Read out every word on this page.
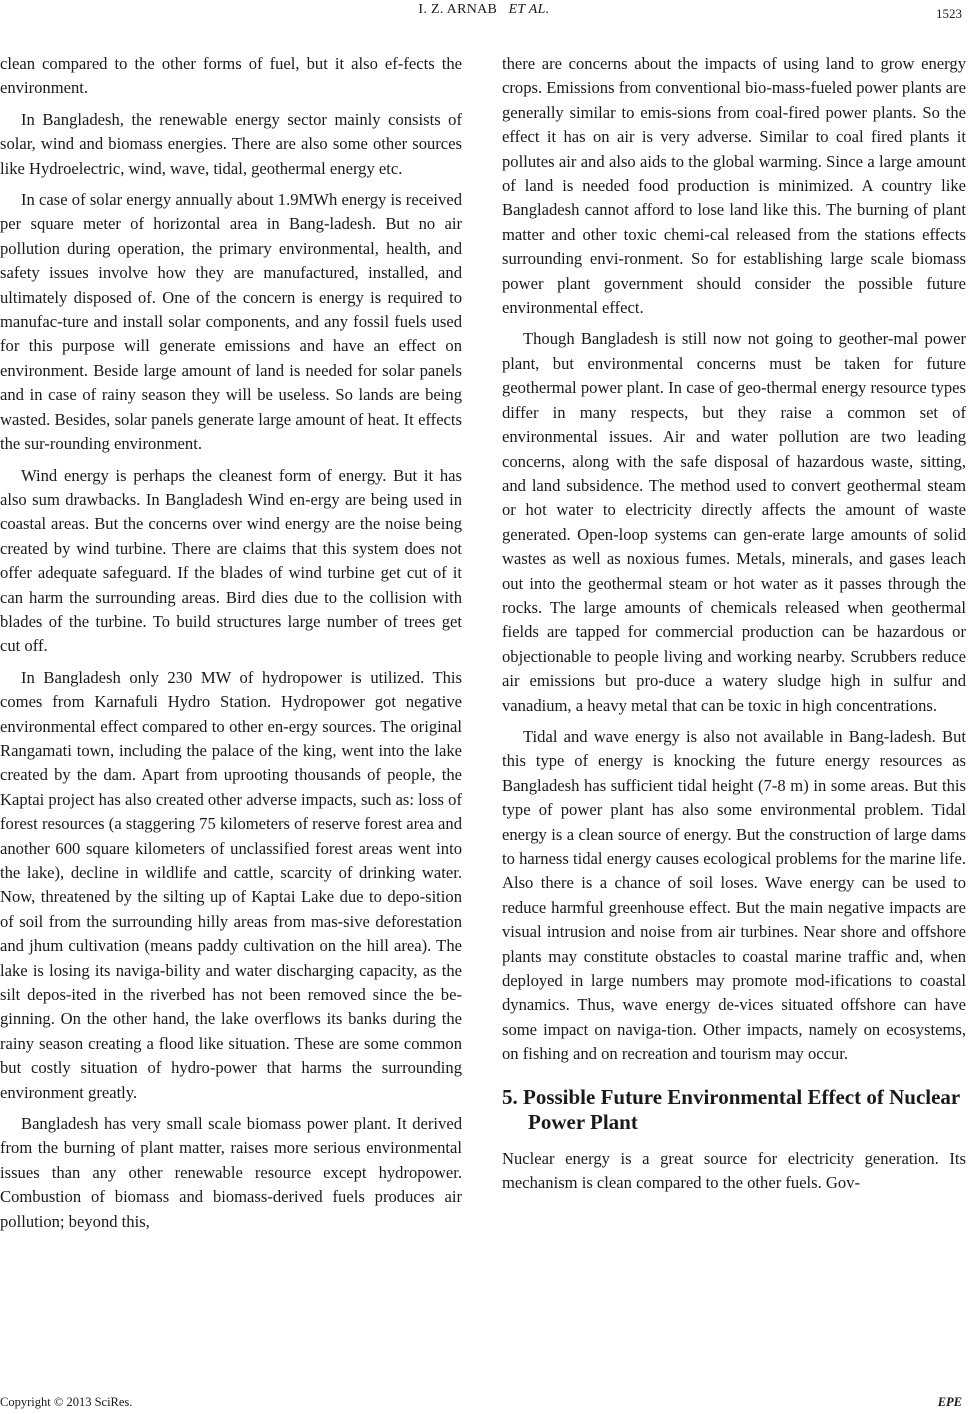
I. Z. ARNAB ET AL.	1523

clean compared to the other forms of fuel, but it also ef-fects the environment.

In Bangladesh, the renewable energy sector mainly consists of solar, wind and biomass energies. There are also some other sources like Hydroelectric, wind, wave, tidal, geothermal energy etc.

In case of solar energy annually about 1.9MWh energy is received per square meter of horizontal area in Bang-ladesh. But no air pollution during operation, the primary environmental, health, and safety issues involve how they are manufactured, installed, and ultimately disposed of. One of the concern is energy is required to manufac-ture and install solar components, and any fossil fuels used for this purpose will generate emissions and have an effect on environment. Beside large amount of land is needed for solar panels and in case of rainy season they will be useless. So lands are being wasted. Besides, solar panels generate large amount of heat. It effects the sur-rounding environment.

Wind energy is perhaps the cleanest form of energy. But it has also sum drawbacks. In Bangladesh Wind en-ergy are being used in coastal areas. But the concerns over wind energy are the noise being created by wind turbine. There are claims that this system does not offer adequate safeguard. If the blades of wind turbine get cut of it can harm the surrounding areas. Bird dies due to the collision with blades of the turbine. To build structures large number of trees get cut off.

In Bangladesh only 230 MW of hydropower is utilized. This comes from Karnafuli Hydro Station. Hydropower got negative environmental effect compared to other en-ergy sources. The original Rangamati town, including the palace of the king, went into the lake created by the dam. Apart from uprooting thousands of people, the Kaptai project has also created other adverse impacts, such as: loss of forest resources (a staggering 75 kilometers of reserve forest area and another 600 square kilometers of unclassified forest areas went into the lake), decline in wildlife and cattle, scarcity of drinking water. Now, threatened by the silting up of Kaptai Lake due to depo-sition of soil from the surrounding hilly areas from mas-sive deforestation and jhum cultivation (means paddy cultivation on the hill area). The lake is losing its naviga-bility and water discharging capacity, as the silt depos-ited in the riverbed has not been removed since the be-ginning. On the other hand, the lake overflows its banks during the rainy season creating a flood like situation. These are some common but costly situation of hydro-power that harms the surrounding environment greatly.

Bangladesh has very small scale biomass power plant. It derived from the burning of plant matter, raises more serious environmental issues than any other renewable resource except hydropower. Combustion of biomass and biomass-derived fuels produces air pollution; beyond this,

there are concerns about the impacts of using land to grow energy crops. Emissions from conventional bio-mass-fueled power plants are generally similar to emis-sions from coal-fired power plants. So the effect it has on air is very adverse. Similar to coal fired plants it pollutes air and also aids to the global warming. Since a large amount of land is needed food production is minimized. A country like Bangladesh cannot afford to lose land like this. The burning of plant matter and other toxic chemi-cal released from the stations effects surrounding envi-ronment. So for establishing large scale biomass power plant government should consider the possible future environmental effect.

Though Bangladesh is still now not going to geother-mal power plant, but environmental concerns must be taken for future geothermal power plant. In case of geo-thermal energy resource types differ in many respects, but they raise a common set of environmental issues. Air and water pollution are two leading concerns, along with the safe disposal of hazardous waste, sitting, and land subsidence. The method used to convert geothermal steam or hot water to electricity directly affects the amount of waste generated. Open-loop systems can gen-erate large amounts of solid wastes as well as noxious fumes. Metals, minerals, and gases leach out into the geothermal steam or hot water as it passes through the rocks. The large amounts of chemicals released when geothermal fields are tapped for commercial production can be hazardous or objectionable to people living and working nearby. Scrubbers reduce air emissions but pro-duce a watery sludge high in sulfur and vanadium, a heavy metal that can be toxic in high concentrations.

Tidal and wave energy is also not available in Bang-ladesh. But this type of energy is knocking the future energy resources as Bangladesh has sufficient tidal height (7-8 m) in some areas. But this type of power plant has also some environmental problem. Tidal energy is a clean source of energy. But the construction of large dams to harness tidal energy causes ecological problems for the marine life. Also there is a chance of soil loses. Wave energy can be used to reduce harmful greenhouse effect. But the main negative impacts are visual intrusion and noise from air turbines. Near shore and offshore plants may constitute obstacles to coastal marine traffic and, when deployed in large numbers may promote mod-ifications to coastal dynamics. Thus, wave energy de-vices situated offshore can have some impact on naviga-tion. Other impacts, namely on ecosystems, on fishing and on recreation and tourism may occur.

5. Possible Future Environmental Effect of Nuclear Power Plant

Nuclear energy is a great source for electricity generation. Its mechanism is clean compared to the other fuels. Gov-

Copyright © 2013 SciRes.	EPE
